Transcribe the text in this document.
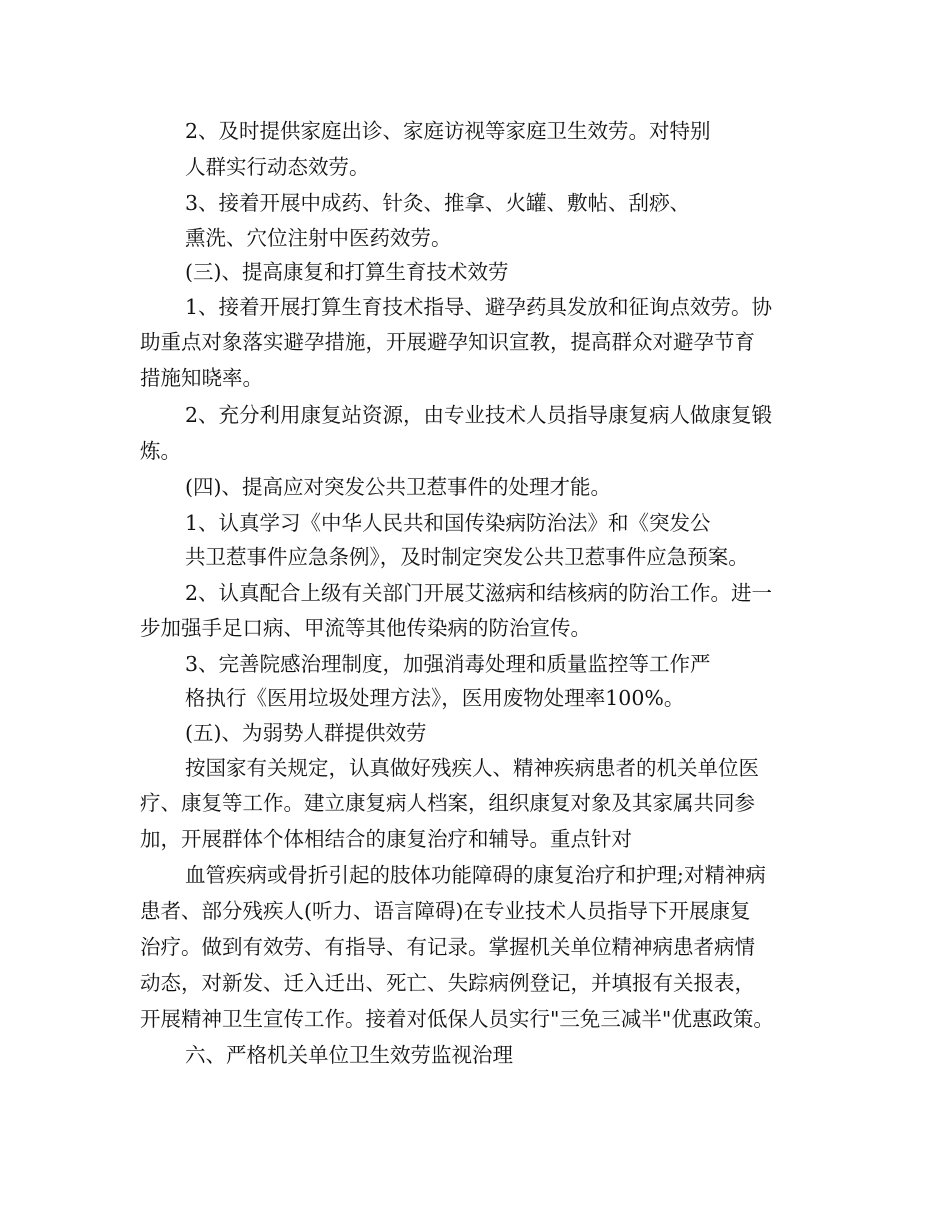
2、及时提供家庭出诊、家庭访视等家庭卫生效劳。对特别
人群实行动态效劳。
3、接着开展中成药、针灸、推拿、火罐、敷帖、刮痧、
熏洗、穴位注射中医药效劳。
(三)、提高康复和打算生育技术效劳
1、接着开展打算生育技术指导、避孕药具发放和征询点效劳。协
助重点对象落实避孕措施，开展避孕知识宣教，提高群众对避孕节育
措施知晓率。
2、充分利用康复站资源，由专业技术人员指导康复病人做康复锻
炼。
(四)、提高应对突发公共卫惹事件的处理才能。
1、认真学习《中华人民共和国传染病防治法》和《突发公
共卫惹事件应急条例》，及时制定突发公共卫惹事件应急预案。
2、认真配合上级有关部门开展艾滋病和结核病的防治工作。进一
步加强手足口病、甲流等其他传染病的防治宣传。
3、完善院感治理制度，加强消毒处理和质量监控等工作严
格执行《医用垃圾处理方法》，医用废物处理率100%。
(五)、为弱势人群提供效劳
按国家有关规定，认真做好残疾人、精神疾病患者的机关单位医
疗、康复等工作。建立康复病人档案，组织康复对象及其家属共同参
加，开展群体个体相结合的康复治疗和辅导。重点针对
血管疾病或骨折引起的肢体功能障碍的康复治疗和护理;对精神病
患者、部分残疾人(听力、语言障碍)在专业技术人员指导下开展康复
治疗。做到有效劳、有指导、有记录。掌握机关单位精神病患者病情
动态，对新发、迁入迁出、死亡、失踪病例登记，并填报有关报表，
开展精神卫生宣传工作。接着对低保人员实行"三免三减半"优惠政策。
六、严格机关单位卫生效劳监视治理
